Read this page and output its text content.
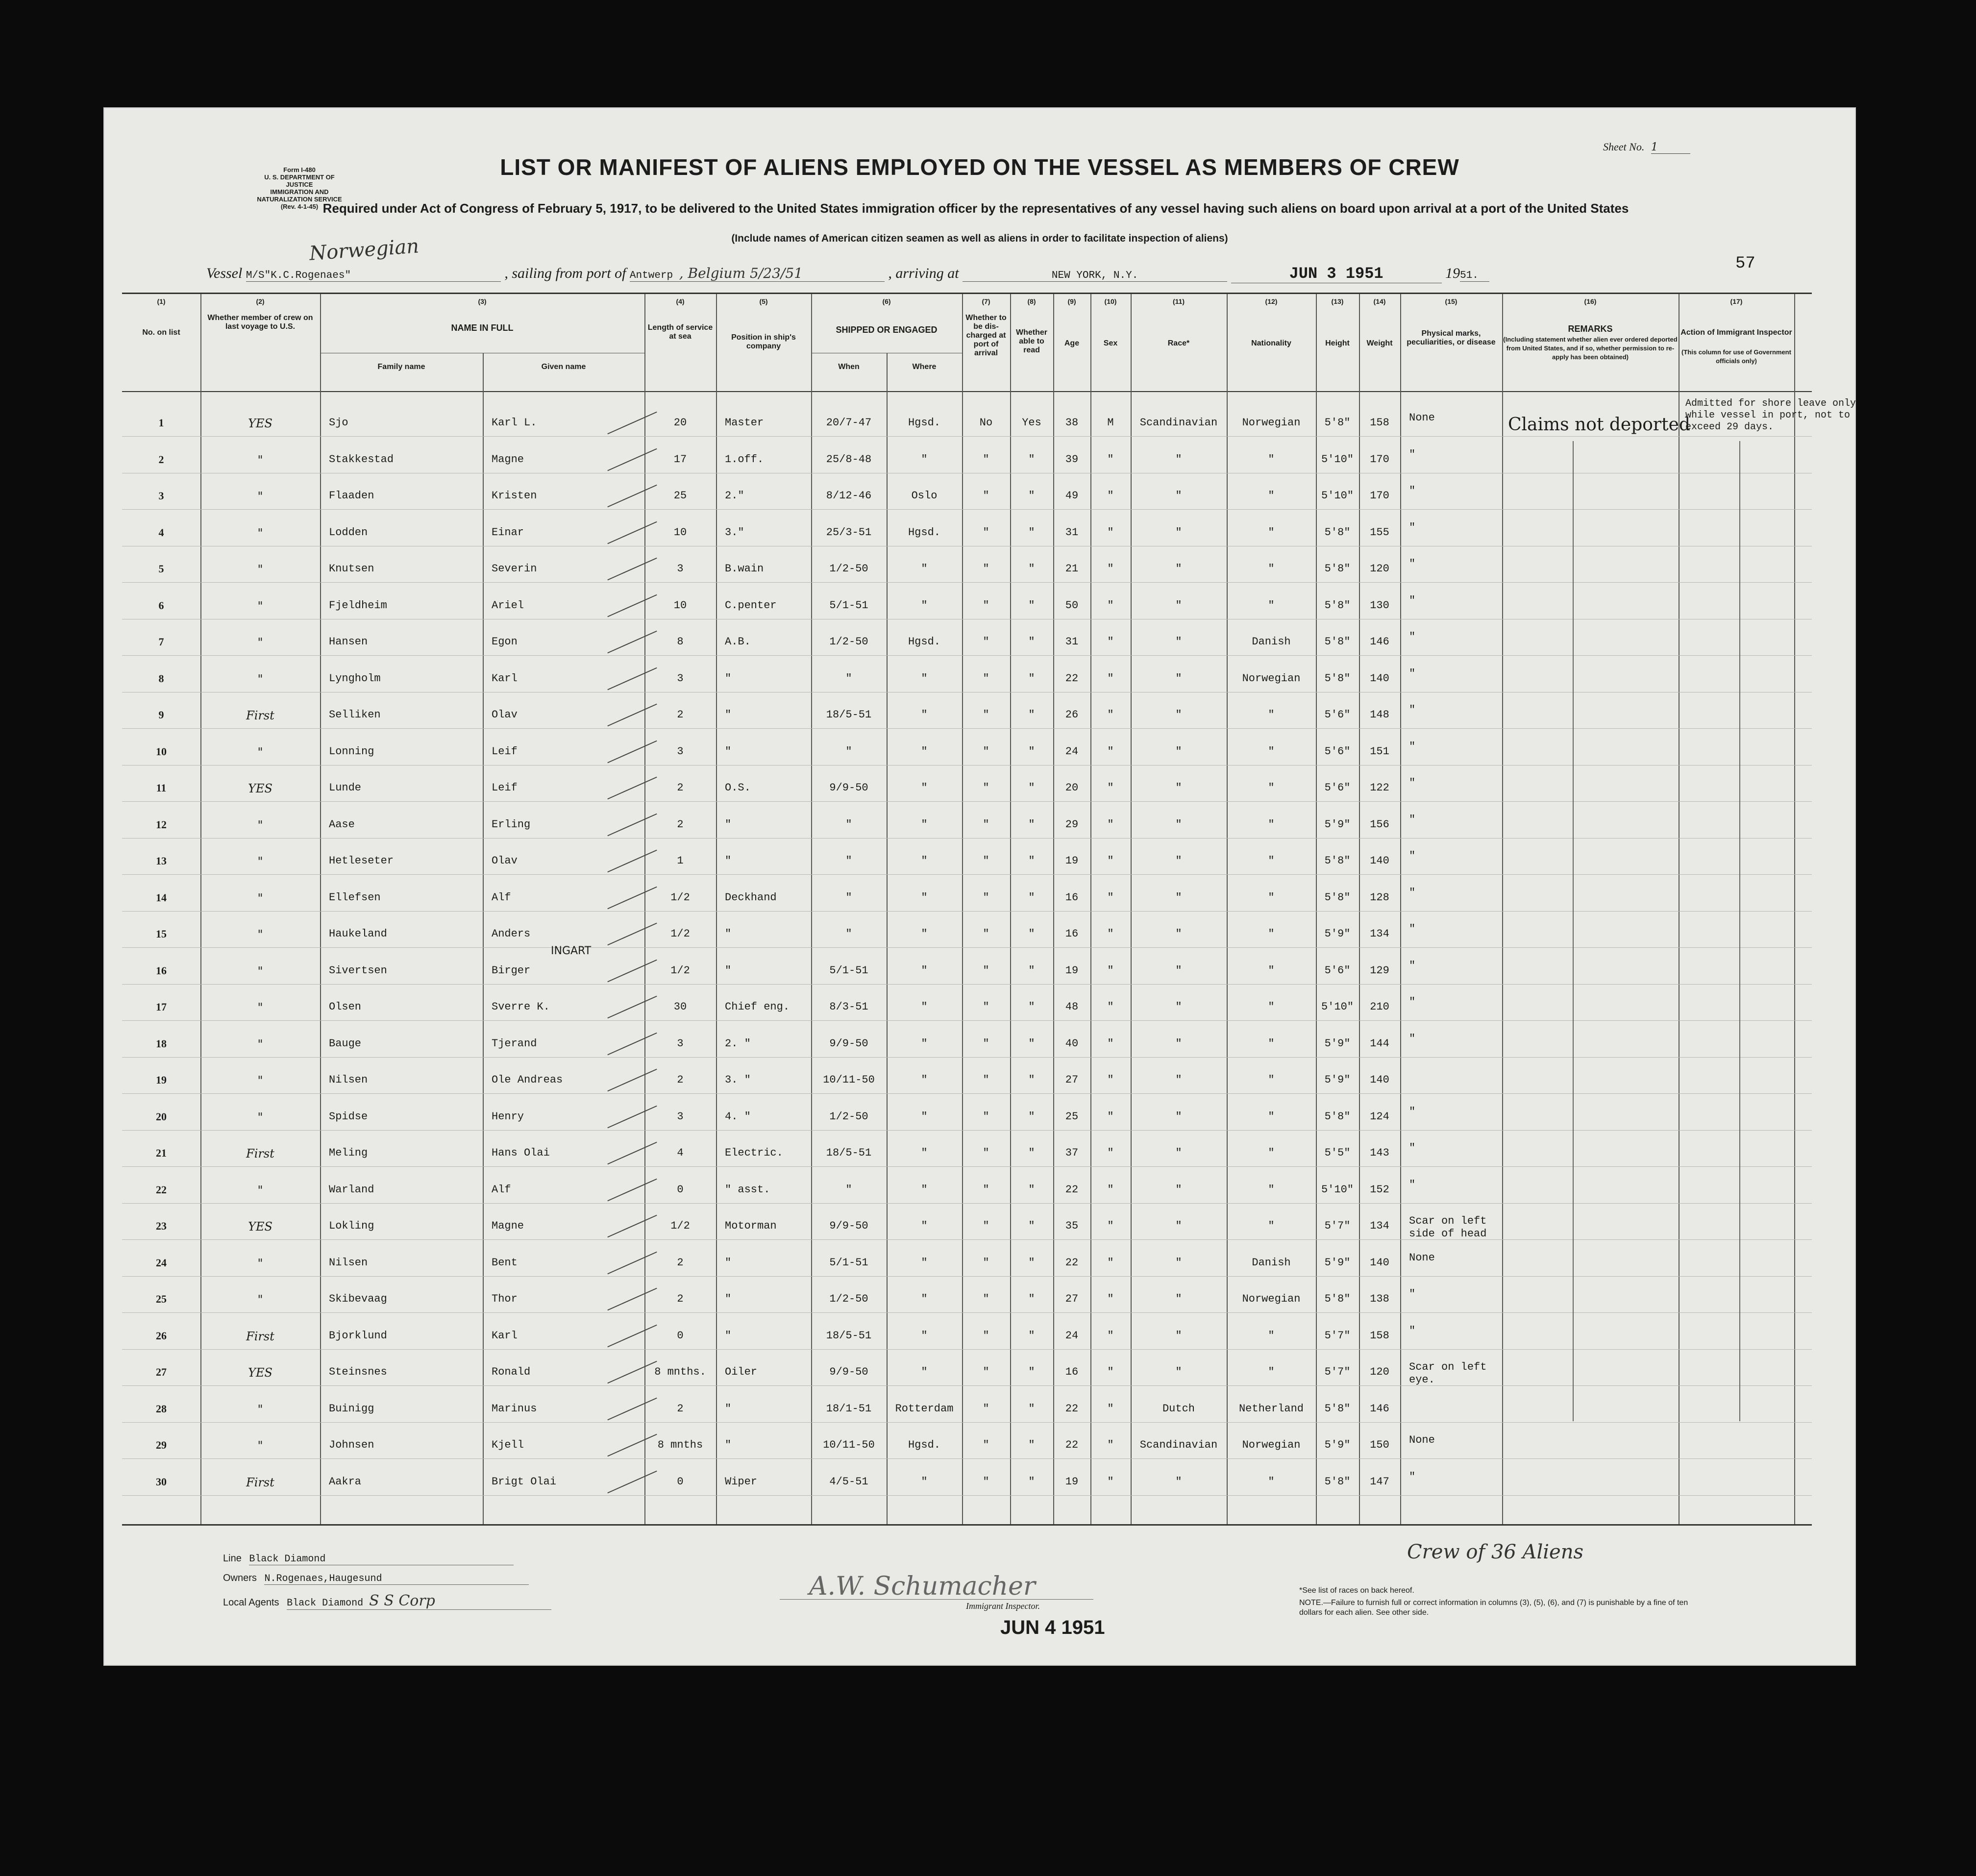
Form I-480
U. S. DEPARTMENT OF JUSTICE
IMMIGRATION AND NATURALIZATION SERVICE
(Rev. 4-1-45)
Sheet No. 1
LIST OR MANIFEST OF ALIENS EMPLOYED ON THE VESSEL AS MEMBERS OF CREW
Required under Act of Congress of February 5, 1917, to be delivered to the United States immigration officer by the representatives of any vessel having such aliens on board upon arrival at a port of the United States
(Include names of American citizen seamen as well as aliens in order to facilitate inspection of aliens)
Norwegian
Vessel M/S"K.C.Rogenaes"	, sailing from port of Antwerp , Belgium 5/23/51	, arriving at	NEW YORK, N.Y.	JUN 3 1951	1951.
57
(1)	(2)	(3)	(4)	(5)	(6)	(7)	(8)	(9)	(10)	(11)	(12)	(13)	(14)	(15)	(16)	(17)
No. on list
Whether member of crew on last voyage to U.S.	NAME IN FULL
Family name	Given name
Length of service at sea	Position in ship's company
SHIPPED OR ENGAGED
When	Where
Whether to be dis-charged at port of arrival
Whether able to read
Age	Sex	Race*	Nationality	Height	Weight
Physical marks, peculiarities, or disease
REMARKS
(Including statement whether alien ever ordered deported from United States, and if so, whether permission to re-apply has been obtained)
Action of Immigrant Inspector
(This column for use of Government officials only)
1	YES	Sjo	Karl L.	20	Master	20/7-47	Hgsd.	No	Yes	38	M	Scandinavian	Norwegian	5'8"	158	None
2	"	Stakkestad	Magne	17	1.off.	25/8-48	"	"	"	39	"	"	"	5'10"	170	"
3	"	Flaaden	Kristen	25	2."	8/12-46	Oslo	"	"	49	"	"	"	5'10"	170	"
4	"	Lodden	Einar	10	3."	25/3-51	Hgsd.	"	"	31	"	"	"	5'8"	155	"
5	"	Knutsen	Severin	3	B.wain	1/2-50	"	"	"	21	"	"	"	5'8"	120	"
6	"	Fjeldheim	Ariel	10	C.penter	5/1-51	"	"	"	50	"	"	"	5'8"	130	"
7	"	Hansen	Egon	8	A.B.	1/2-50	Hgsd.	"	"	31	"	"	Danish	5'8"	146	"
8	"	Lyngholm	Karl	3	"	"	"	"	"	22	"	"	Norwegian	5'8"	140	"
9	First	Selliken	Olav	2	"	18/5-51	"	"	"	26	"	"	"	5'6"	148	"
10	"	Lonning	Leif	3	"	"	"	"	"	24	"	"	"	5'6"	151	"
11	YES	Lunde	Leif	2	O.S.	9/9-50	"	"	"	20	"	"	"	5'6"	122	"
12	"	Aase	Erling	2	"	"	"	"	"	29	"	"	"	5'9"	156	"
13	"	Hetleseter	Olav	1	"	"	"	"	"	19	"	"	"	5'8"	140	"
14	"	Ellefsen	Alf	1/2	Deckhand	"	"	"	"	16	"	"	"	5'8"	128	"
15	"	Haukeland	Anders	1/2	"	"	"	"	"	16	"	"	"	5'9"	134	"
16	"	Sivertsen	Birger	1/2	"	5/1-51	"	"	"	19	"	"	"	5'6"	129	"
17	"	Olsen	Sverre K.	30	Chief eng.	8/3-51	"	"	"	48	"	"	"	5'10"	210	"
18	"	Bauge	Tjerand	3	2. "	9/9-50	"	"	"	40	"	"	"	5'9"	144	"
19	"	Nilsen	Ole Andreas	2	3. "	10/11-50	"	"	"	27	"	"	"	5'9"	140
20	"	Spidse	Henry	3	4. "	1/2-50	"	"	"	25	"	"	"	5'8"	124	"
21	First	Meling	Hans Olai	4	Electric.	18/5-51	"	"	"	37	"	"	"	5'5"	143	"
22	"	Warland	Alf	0	" asst.	"	"	"	"	22	"	"	"	5'10"	152	"
23	YES	Lokling	Magne	1/2	Motorman	9/9-50	"	"	"	35	"	"	"	5'7"	134	Scar on left side of head
24	"	Nilsen	Bent	2	"	5/1-51	"	"	"	22	"	"	Danish	5'9"	140	None
25	"	Skibevaag	Thor	2	"	1/2-50	"	"	"	27	"	"	Norwegian	5'8"	138	"
26	First	Bjorklund	Karl	0	"	18/5-51	"	"	"	24	"	"	"	5'7"	158	"
27	YES	Steinsnes	Ronald	8 mnths.	Oiler	9/9-50	"	"	"	16	"	"	"	5'7"	120	Scar on left eye.
28	"	Buinigg	Marinus	2	"	18/1-51	Rotterdam	"	"	22	"	Dutch	Netherland	5'8"	146
29	"	Johnsen	Kjell	8 mnths	"	10/11-50	Hgsd.	"	"	22	"	Scandinavian	Norwegian	5'9"	150	None
30	First	Aakra	Brigt Olai	0	Wiper	4/5-51	"	"	"	19	"	"	"	5'8"	147	"
Claims not deported
Admitted for shore leave only
while vessel in port, not to
exceed 29 days.
INGART
Crew of 36 Aliens
Line Black Diamond
Owners N.Rogenaes,Haugesund
Local Agents Black Diamond S S Corp	A.W. Schumacher
Immigrant Inspector.
JUN 4 1951
*See list of races on back hereof.
NOTE.—Failure to furnish full or correct information in columns (3), (5), (6), and (7) is punishable by a fine of ten dollars for each alien. See other side.
